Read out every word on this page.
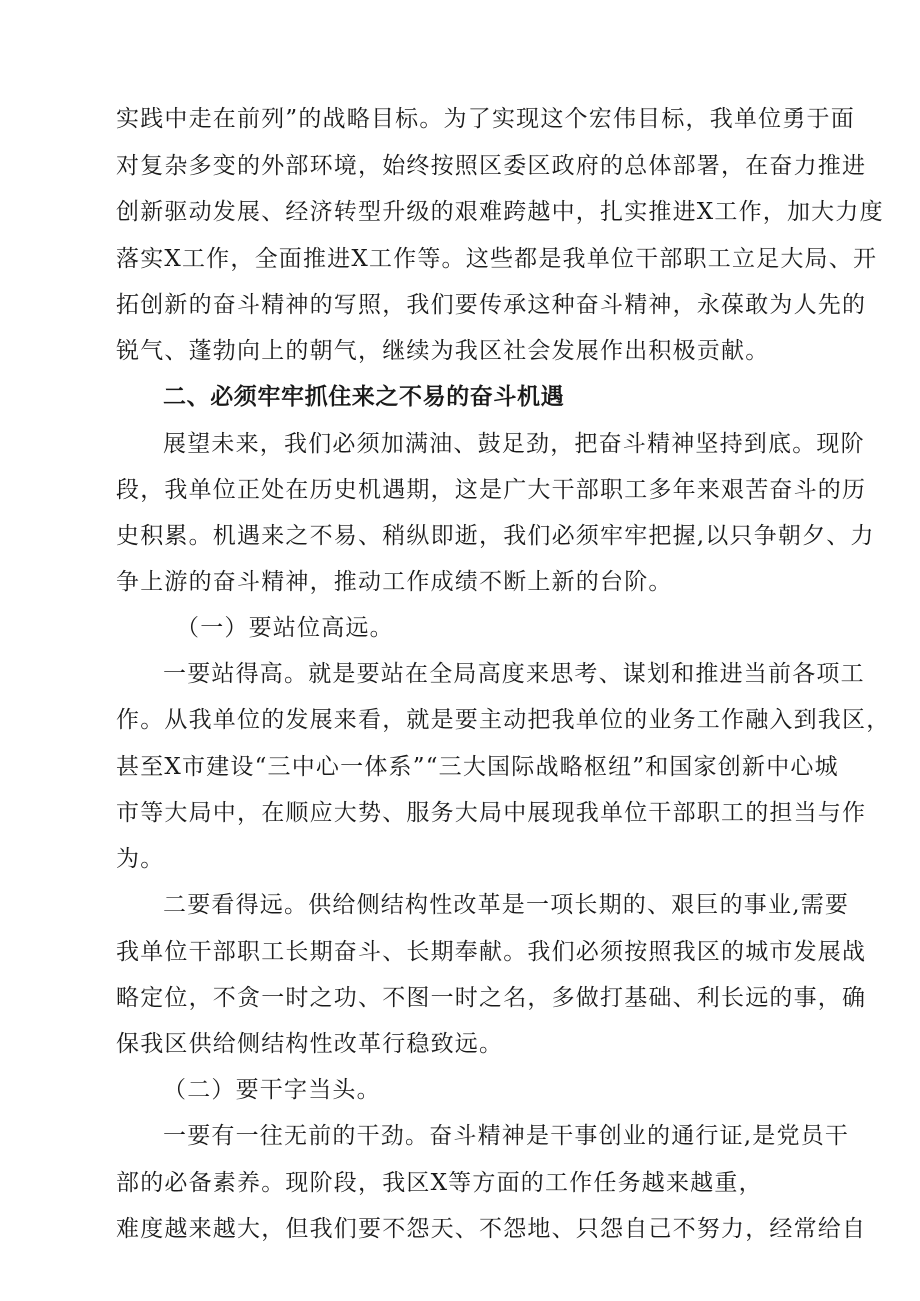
实践中走在前列”的战略目标。为了实现这个宏伟目标，我单位勇于面
对复杂多变的外部环境，始终按照区委区政府的总体部署，在奋力推进
创新驱动发展、经济转型升级的艰难跨越中，扎实推进X工作，加大力度
落实X工作，全面推进X工作等。这些都是我单位干部职工立足大局、开
拓创新的奋斗精神的写照，我们要传承这种奋斗精神，永葆敢为人先的
锐气、蓬勃向上的朝气，继续为我区社会发展作出积极贡献。
二、必须牢牢抓住来之不易的奋斗机遇
展望未来，我们必须加满油、鼓足劲，把奋斗精神坚持到底。现阶
段，我单位正处在历史机遇期，这是广大干部职工多年来艰苦奋斗的历
史积累。机遇来之不易、稍纵即逝，我们必须牢牢把握,以只争朝夕、力
争上游的奋斗精神，推动工作成绩不断上新的台阶。
（一）要站位高远。
一要站得高。就是要站在全局高度来思考、谋划和推进当前各项工
作。从我单位的发展来看，就是要主动把我单位的业务工作融入到我区，
甚至X市建设“三中心一体系”“三大国际战略枢纽”和国家创新中心城
市等大局中，在顺应大势、服务大局中展现我单位干部职工的担当与作
为。
二要看得远。供给侧结构性改革是一项长期的、艰巨的事业,需要
我单位干部职工长期奋斗、长期奉献。我们必须按照我区的城市发展战
略定位，不贪一时之功、不图一时之名，多做打基础、利长远的事，确
保我区供给侧结构性改革行稳致远。
（二）要干字当头。
一要有一往无前的干劲。奋斗精神是干事创业的通行证,是党员干
部的必备素养。现阶段，我区X等方面的工作任务越来越重，
难度越来越大，但我们要不怨天、不怨地、只怨自己不努力，经常给自
